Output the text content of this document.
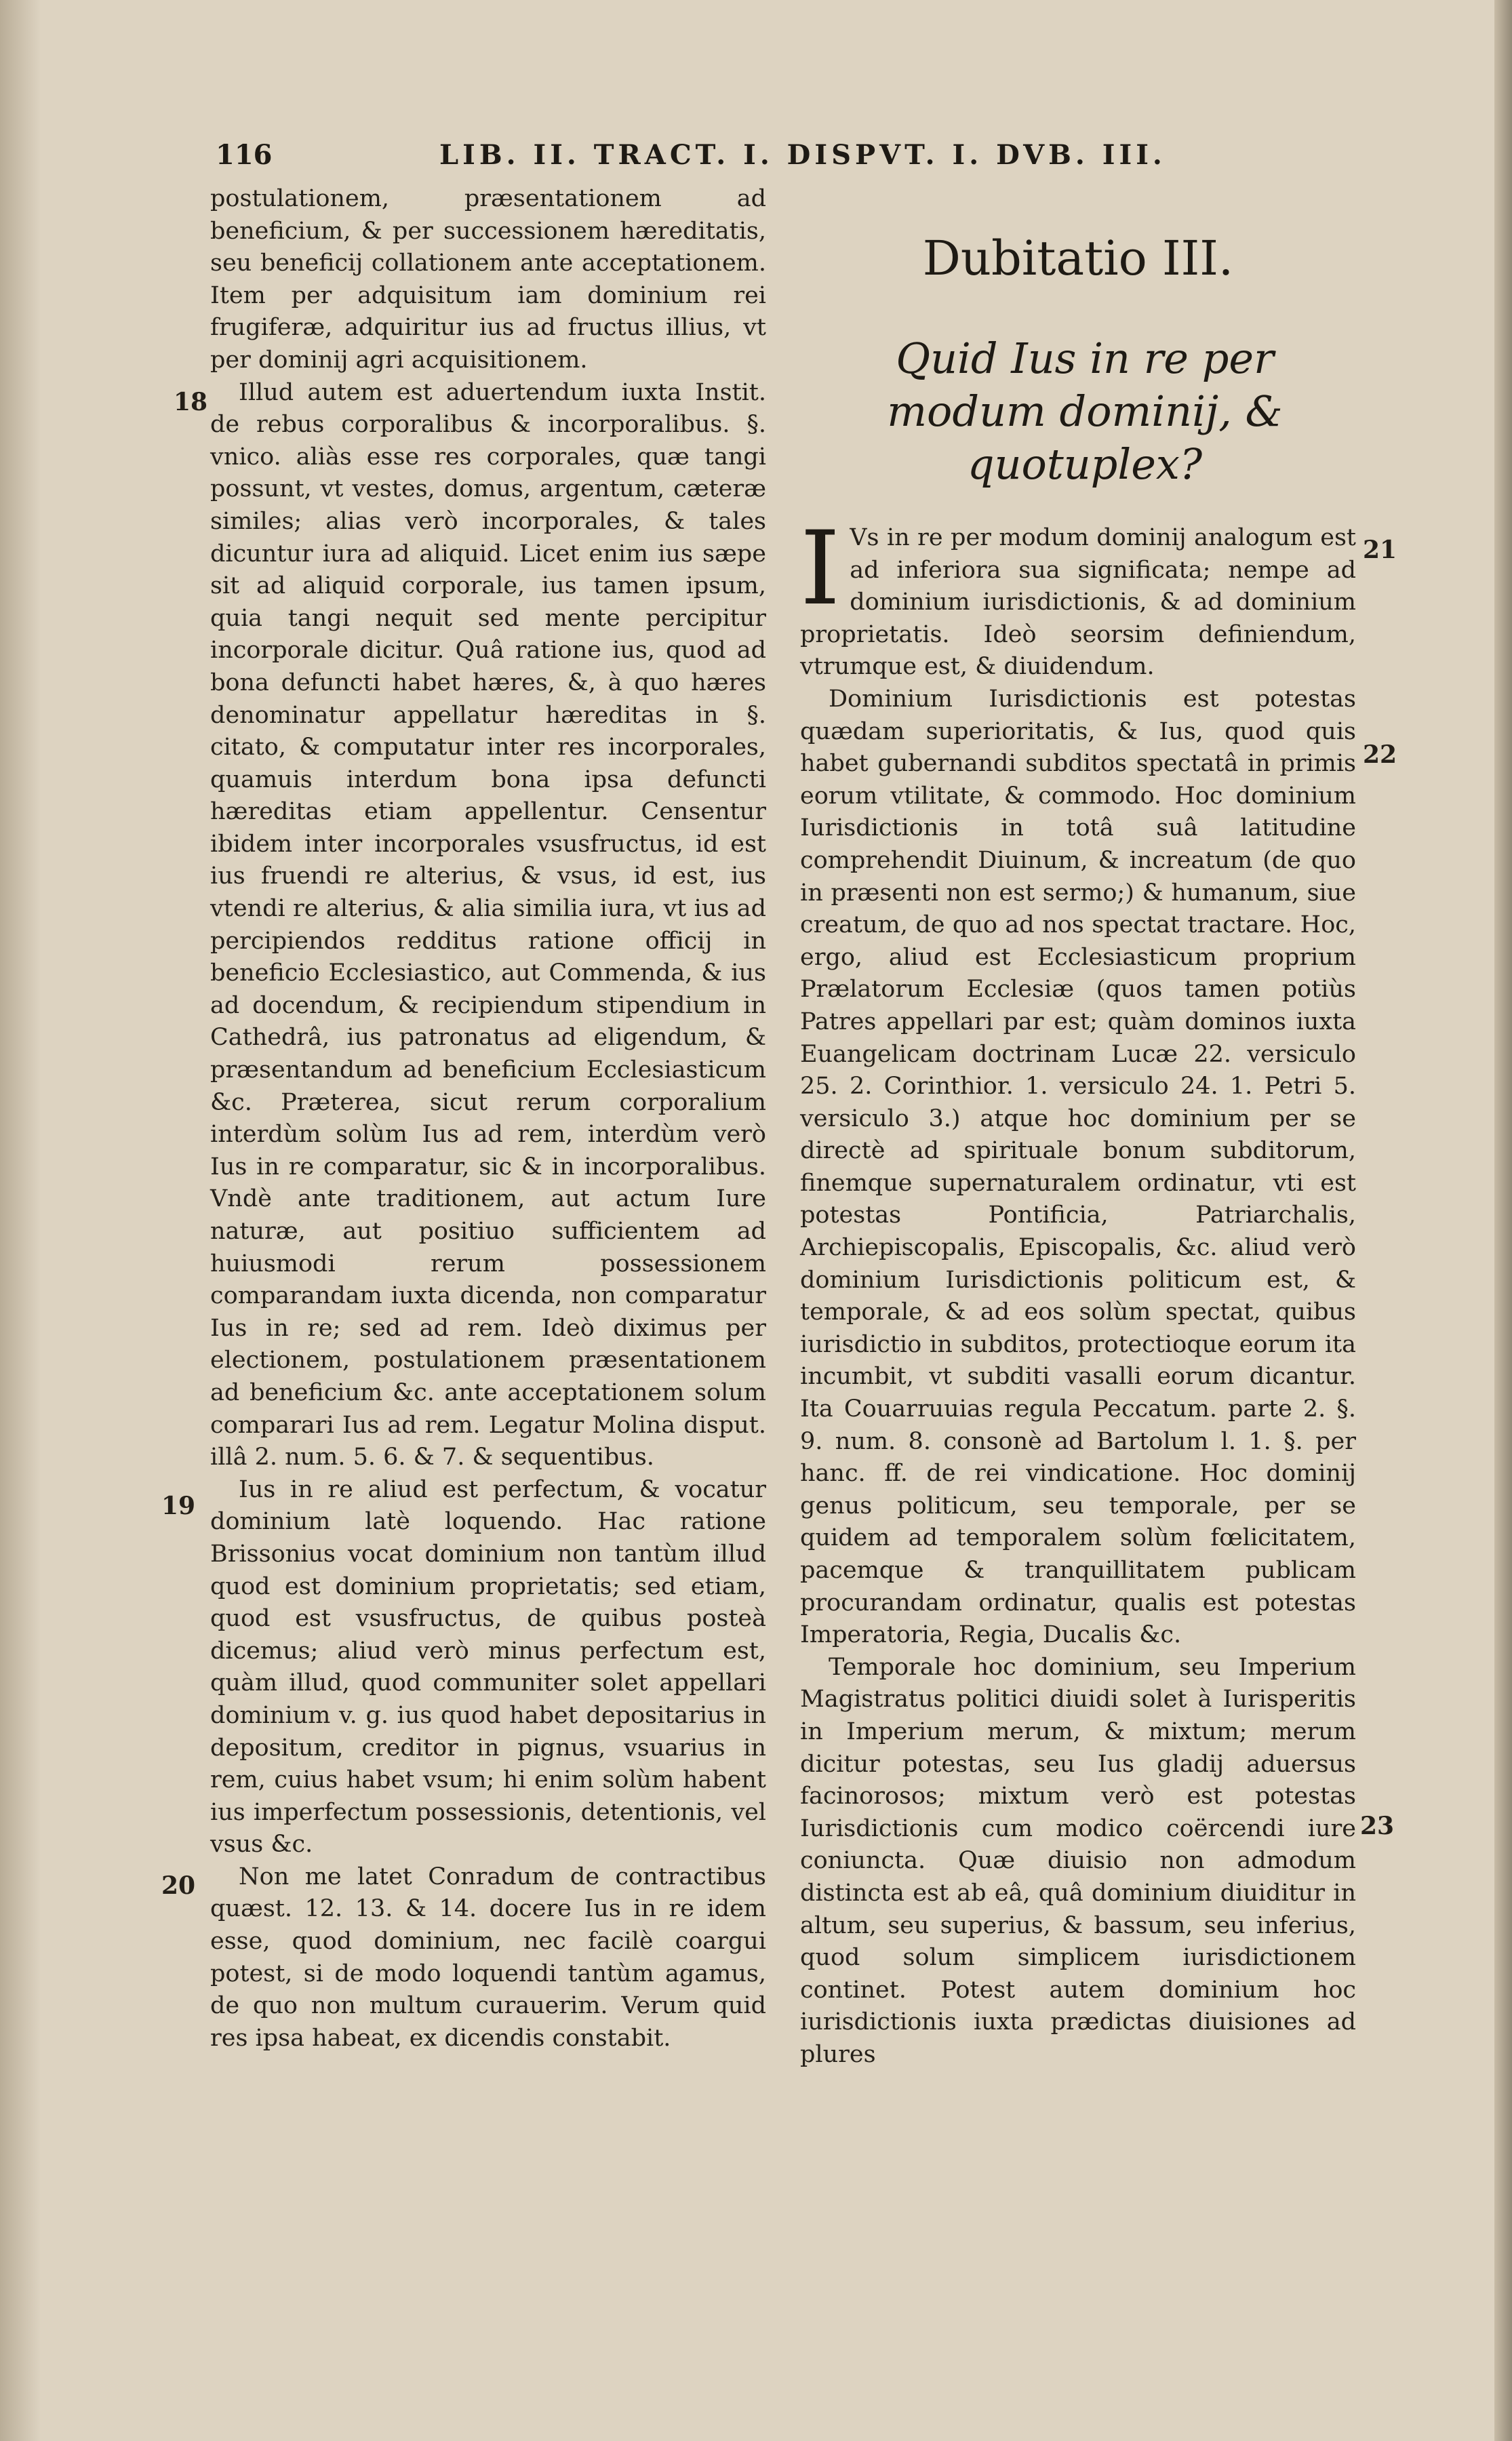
116	LIB. II. TRACT. I. DISPVT. I. DVB. III.
18
19
20
21
22
23

postulationem, præsentationem ad beneficium, & per successionem hæreditatis, seu beneficij collationem ante acceptationem. Item per adquisitum iam dominium rei frugiferæ, adquiritur ius ad fructus illius, vt per dominij agri acquisitionem.

Illud autem est aduertendum iuxta Instit. de rebus corporalibus & incorporalibus. §. vnico. aliàs esse res corporales, quæ tangi possunt, vt vestes, domus, argentum, cæteræ similes; alias verò incorporales, & tales dicuntur iura ad aliquid. Licet enim ius sæpe sit ad aliquid corporale, ius tamen ipsum, quia tangi nequit sed mente percipitur incorporale dicitur. Quâ ratione ius, quod ad bona defuncti habet hæres, &, à quo hæres denominatur appellatur hæreditas in §. citato, & computatur inter res incorporales, quamuis interdum bona ipsa defuncti hæreditas etiam appellentur. Censentur ibidem inter incorporales vsusfructus, id est ius fruendi re alterius, & vsus, id est, ius vtendi re alterius, & alia similia iura, vt ius ad percipiendos redditus ratione officij in beneficio Ecclesiastico, aut Commenda, & ius ad docendum, & recipiendum stipendium in Cathedrâ, ius patronatus ad eligendum, & præsentandum ad beneficium Ecclesiasticum &c. Præterea, sicut rerum corporalium interdùm solùm Ius ad rem, interdùm verò Ius in re comparatur, sic & in incorporalibus. Vndè ante traditionem, aut actum Iure naturæ, aut positiuo sufficientem ad huiusmodi rerum possessionem comparandam iuxta dicenda, non comparatur Ius in re; sed ad rem. Ideò diximus per electionem, postulationem præsentationem ad beneficium &c. ante acceptationem solum comparari Ius ad rem. Legatur Molina disput. illâ 2. num. 5. 6. & 7. & sequentibus.

Ius in re aliud est perfectum, & vocatur dominium latè loquendo. Hac ratione Brissonius vocat dominium non tantùm illud quod est dominium proprietatis; sed etiam, quod est vsusfructus, de quibus posteà dicemus; aliud verò minus perfectum est, quàm illud, quod communiter solet appellari dominium v. g. ius quod habet depositarius in depositum, creditor in pignus, vsuarius in rem, cuius habet vsum; hi enim solùm habent ius imperfectum possessionis, detentionis, vel vsus &c.

Non me latet Conradum de contractibus quæst. 12. 13. & 14. docere Ius in re idem esse, quod dominium, nec facilè coargui potest, si de modo loquendi tantùm agamus, de quo non multum curauerim. Verum quid res ipsa habeat, ex dicendis constabit.

Dubitatio III.
Quid Ius in re per modum dominij, & quotuplex?

I Vs in re per modum dominij analogum est ad inferiora sua significata; nempe ad dominium iurisdictionis, & ad dominium proprietatis. Ideò seorsim definiendum, vtrumque est, & diuidendum.

Dominium Iurisdictionis est potestas quædam superioritatis, & Ius, quod quis habet gubernandi subditos spectatâ in primis eorum vtilitate, & commodo. Hoc dominium Iurisdictionis in totâ suâ latitudine comprehendit Diuinum, & increatum (de quo in præsenti non est sermo;) & humanum, siue creatum, de quo ad nos spectat tractare. Hoc, ergo, aliud est Ecclesiasticum proprium Prælatorum Ecclesiæ (quos tamen potiùs Patres appellari par est; quàm dominos iuxta Euangelicam doctrinam Lucæ 22. versiculo 25. 2. Corinthior. 1. versiculo 24. 1. Petri 5. versiculo 3.) atque hoc dominium per se directè ad spirituale bonum subditorum, finemque supernaturalem ordinatur, vti est potestas Pontificia, Patriarchalis, Archiepiscopalis, Episcopalis, &c. aliud verò dominium Iurisdictionis politicum est, & temporale, & ad eos solùm spectat, quibus iurisdictio in subditos, protectioque eorum ita incumbit, vt subditi vasalli eorum dicantur. Ita Couarruuias regula Peccatum. parte 2. §. 9. num. 8. consonè ad Bartolum l. 1. §. per hanc. ff. de rei vindicatione. Hoc dominij genus politicum, seu temporale, per se quidem ad temporalem solùm fœlicitatem, pacemque & tranquillitatem publicam procurandam ordinatur, qualis est potestas Imperatoria, Regia, Ducalis &c.

Temporale hoc dominium, seu Imperium Magistratus politici diuidi solet à Iurisperitis in Imperium merum, & mixtum; merum dicitur potestas, seu Ius gladij aduersus facinorosos; mixtum verò est potestas Iurisdictionis cum modico coërcendi iure coniuncta. Quæ diuisio non admodum distincta est ab eâ, quâ dominium diuiditur in altum, seu superius, & bassum, seu inferius, quod solum simplicem iurisdictionem continet. Potest autem dominium hoc iurisdictionis iuxta prædictas diuisiones ad plures
